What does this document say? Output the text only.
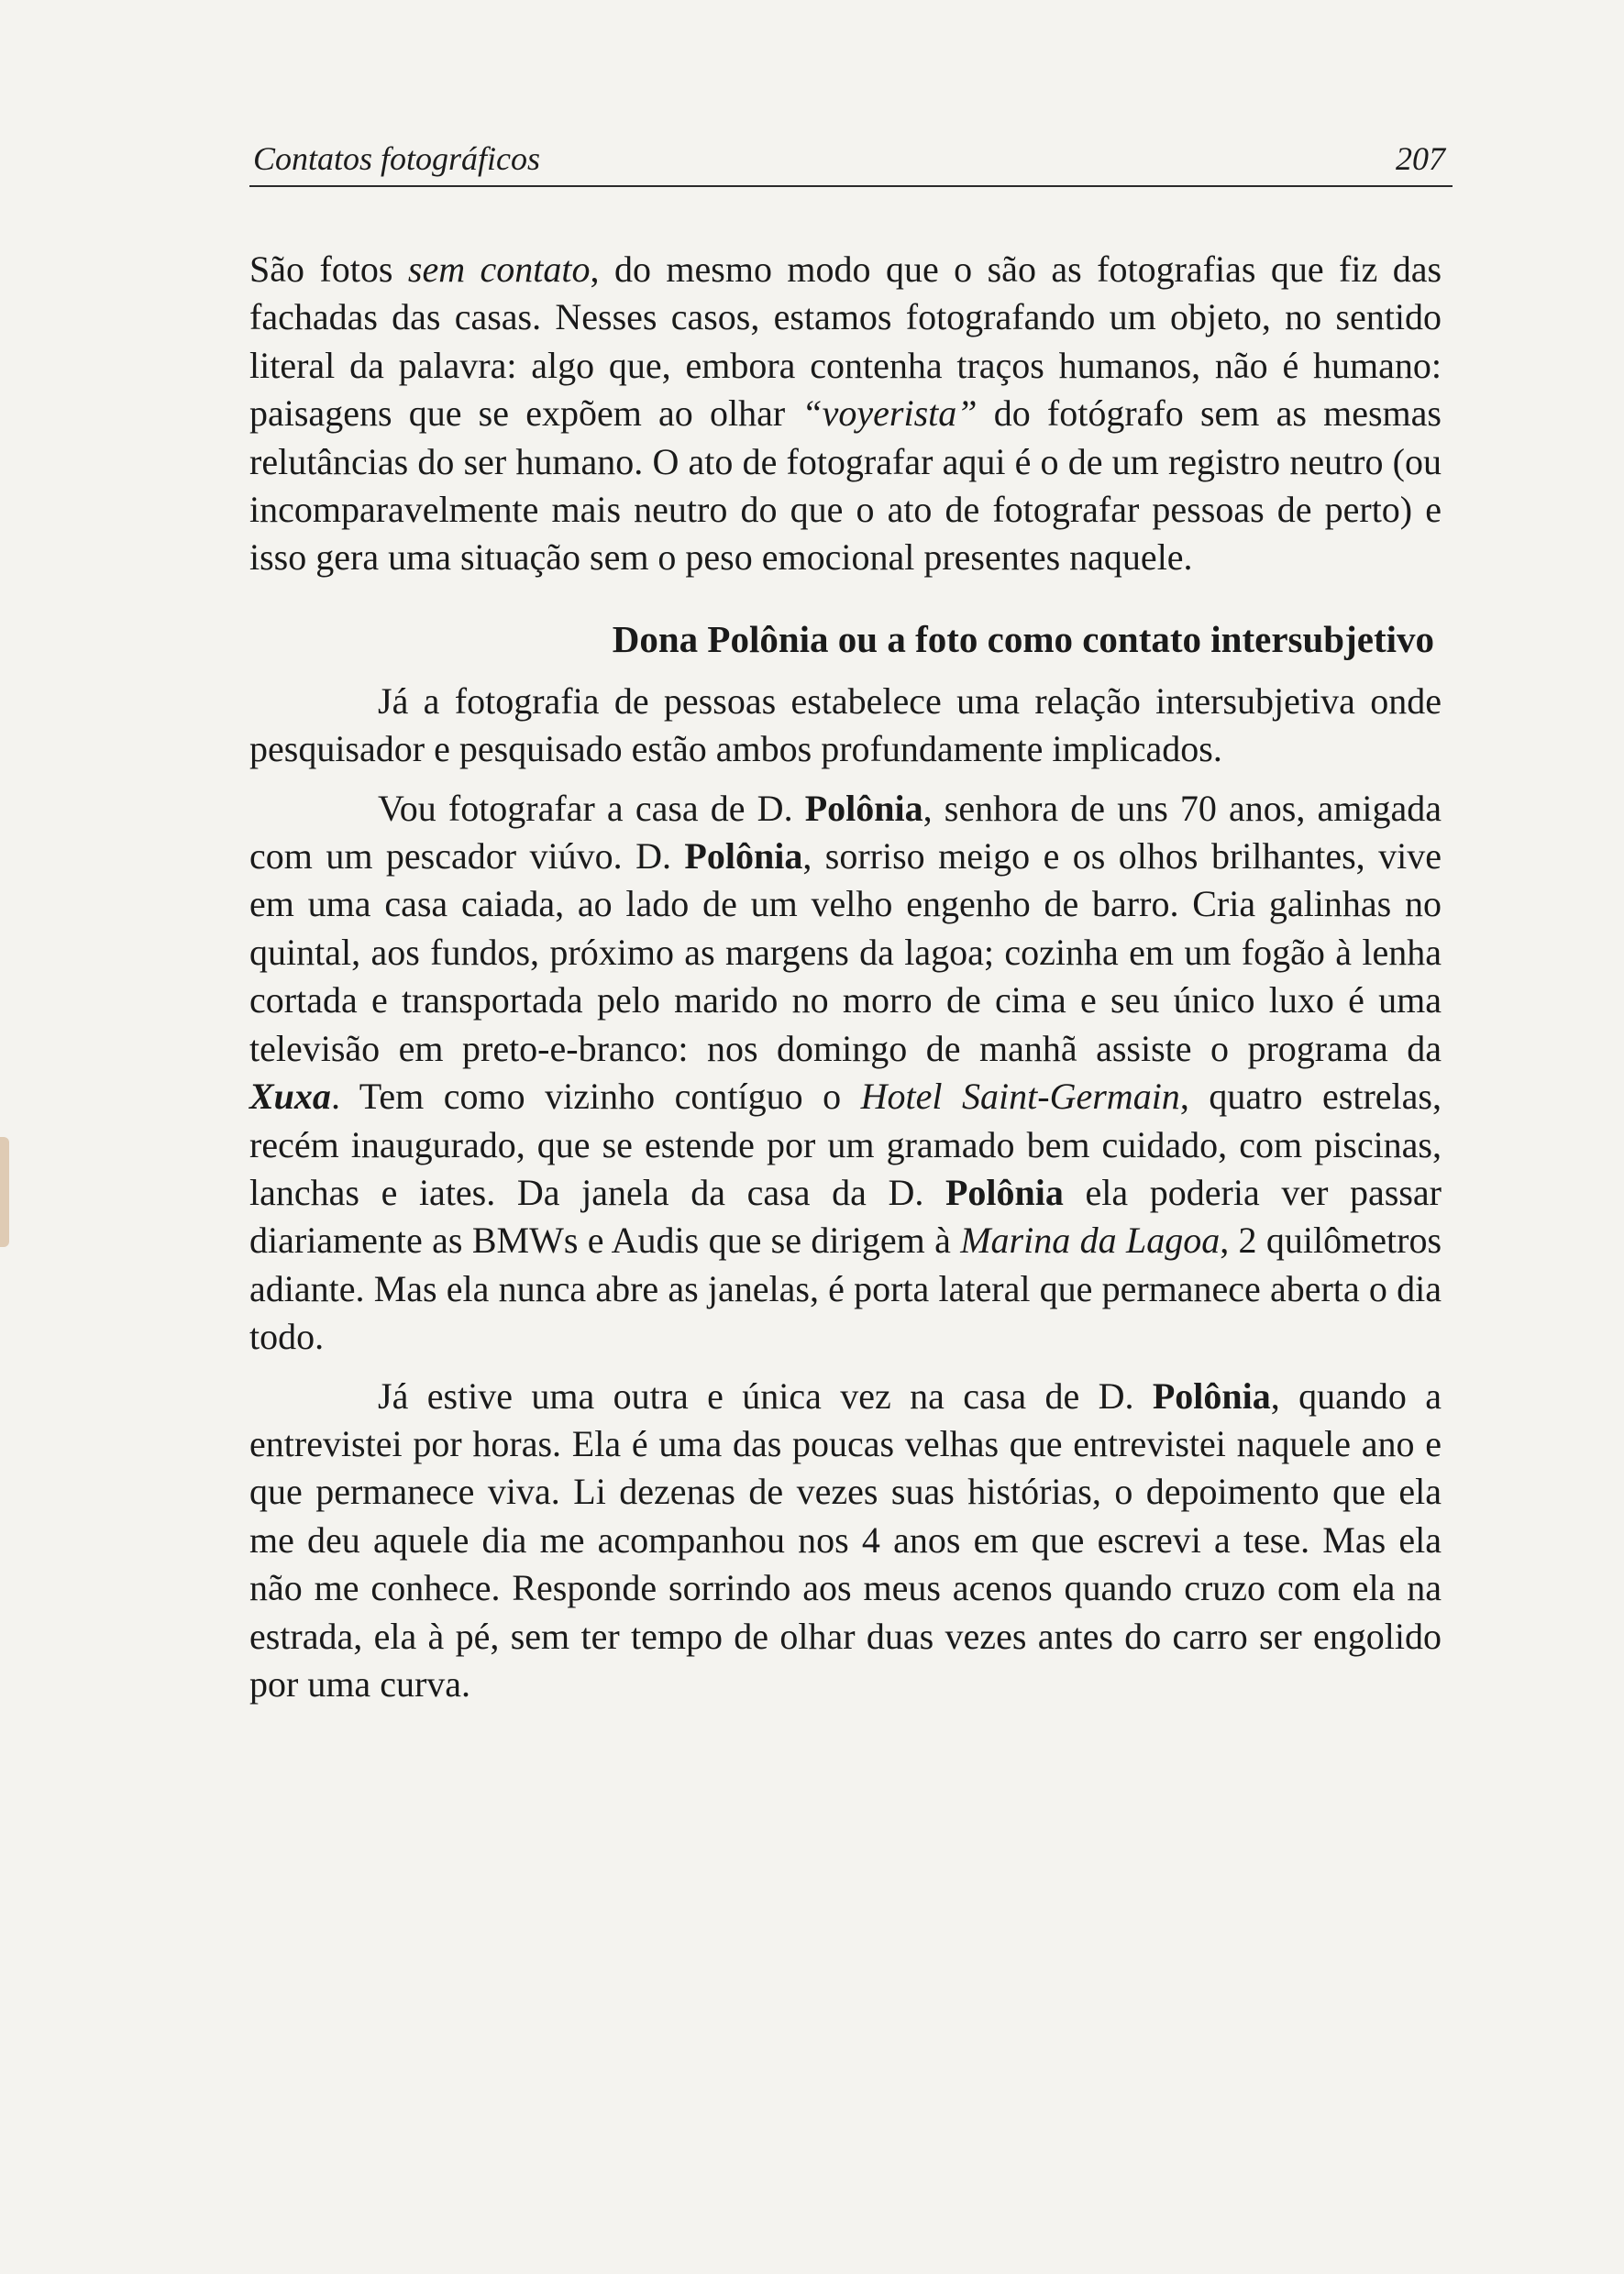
Contatos fotográficos	207

São fotos sem contato, do mesmo modo que o são as fotografias que fiz das fachadas das casas. Nesses casos, estamos fotografando um objeto, no sentido literal da palavra: algo que, embora contenha traços humanos, não é humano: paisagens que se expõem ao olhar “voyerista” do fotógrafo sem as mesmas relutâncias do ser humano. O ato de fotografar aqui é o de um registro neutro (ou incomparavelmente mais neutro do que o ato de fotografar pessoas de perto) e isso gera uma situação sem o peso emocional presentes naquele.

Dona Polônia ou a foto como contato intersubjetivo

Já a fotografia de pessoas estabelece uma relação intersubjetiva onde pesquisador e pesquisado estão ambos profundamente implicados.

Vou fotografar a casa de D. Polônia, senhora de uns 70 anos, amigada com um pescador viúvo. D. Polônia, sorriso meigo e os olhos brilhantes, vive em uma casa caiada, ao lado de um velho engenho de barro. Cria galinhas no quintal, aos fundos, próximo as margens da lagoa; cozinha em um fogão à lenha cortada e transportada pelo marido no morro de cima e seu único luxo é uma televisão em preto-e-branco: nos domingo de manhã assiste o programa da Xuxa. Tem como vizinho contíguo o Hotel Saint-Germain, quatro estrelas, recém inaugurado, que se estende por um gramado bem cuidado, com piscinas, lanchas e iates. Da janela da casa da D. Polônia ela poderia ver passar diariamente as BMWs e Audis que se dirigem à Marina da Lagoa, 2 quilômetros adiante. Mas ela nunca abre as janelas, é porta lateral que permanece aberta o dia todo.

Já estive uma outra e única vez na casa de D. Polônia, quando a entrevistei por horas. Ela é uma das poucas velhas que entrevistei naquele ano e que permanece viva. Li dezenas de vezes suas histórias, o depoimento que ela me deu aquele dia me acompanhou nos 4 anos em que escrevi a tese. Mas ela não me conhece. Responde sorrindo aos meus acenos quando cruzo com ela na estrada, ela à pé, sem ter tempo de olhar duas vezes antes do carro ser engolido por uma curva.
